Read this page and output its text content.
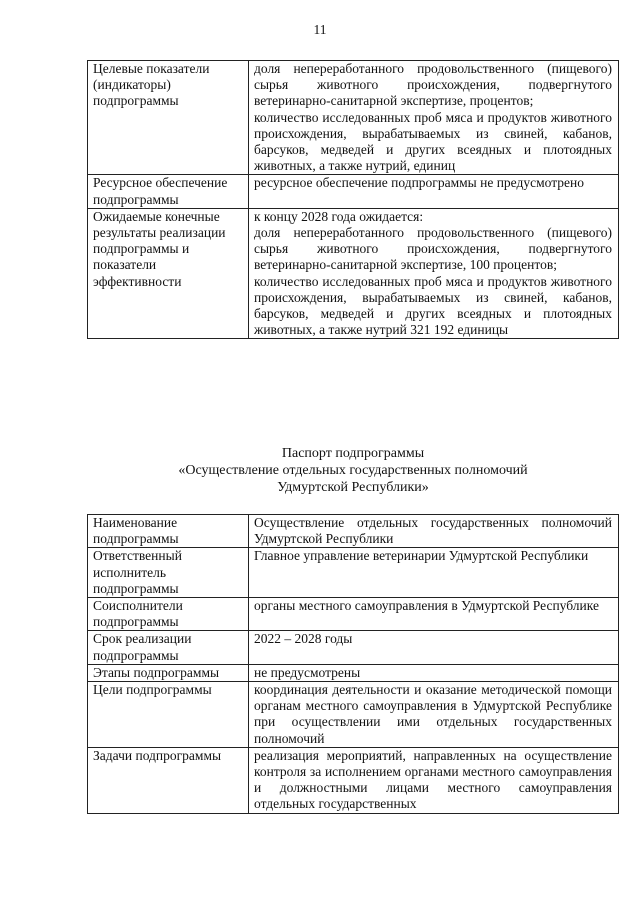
11
Целевые показатели (индикаторы) подпрограммы	доля непереработанного продовольственного (пищевого) сырья животного происхождения, подвергнутого ветеринарно-санитарной экспертизе, процентов;

количество исследованных проб мяса и продуктов животного происхождения, вырабатываемых из свиней, кабанов, барсуков, медведей и других всеядных и плотоядных животных, а также нутрий, единиц

Ресурсное обеспечение подпрограммы	ресурсное обеспечение подпрограммы не предусмотрено

Ожидаемые конечные результаты реализации подпрограммы и показатели эффективности	к концу 2028 года ожидается:

доля непереработанного продовольственного (пищевого) сырья животного происхождения, подвергнутого ветеринарно-санитарной экспертизе, 100 процентов;

количество исследованных проб мяса и продуктов животного происхождения, вырабатываемых из свиней, кабанов, барсуков, медведей и других всеядных и плотоядных животных, а также нутрий 321 192 единицы

Паспорт подпрограммы
«Осуществление отдельных государственных полномочий
Удмуртской Республики»
Наименование подпрограммы	Осуществление отдельных государственных полномочий Удмуртской Республики

Ответственный исполнитель подпрограммы	Главное управление ветеринарии Удмуртской Республики

Соисполнители подпрограммы	органы местного самоуправления в Удмуртской Республике

Срок реализации подпрограммы	2022 – 2028 годы

Этапы подпрограммы	не предусмотрены

Цели подпрограммы	координация деятельности и оказание методической помощи органам местного самоуправления в Удмуртской Республике при осуществлении ими отдельных государственных полномочий

Задачи подпрограммы	реализация мероприятий, направленных на осуществление контроля за исполнением органами местного самоуправления и должностными лицами местного самоуправления отдельных государственных
